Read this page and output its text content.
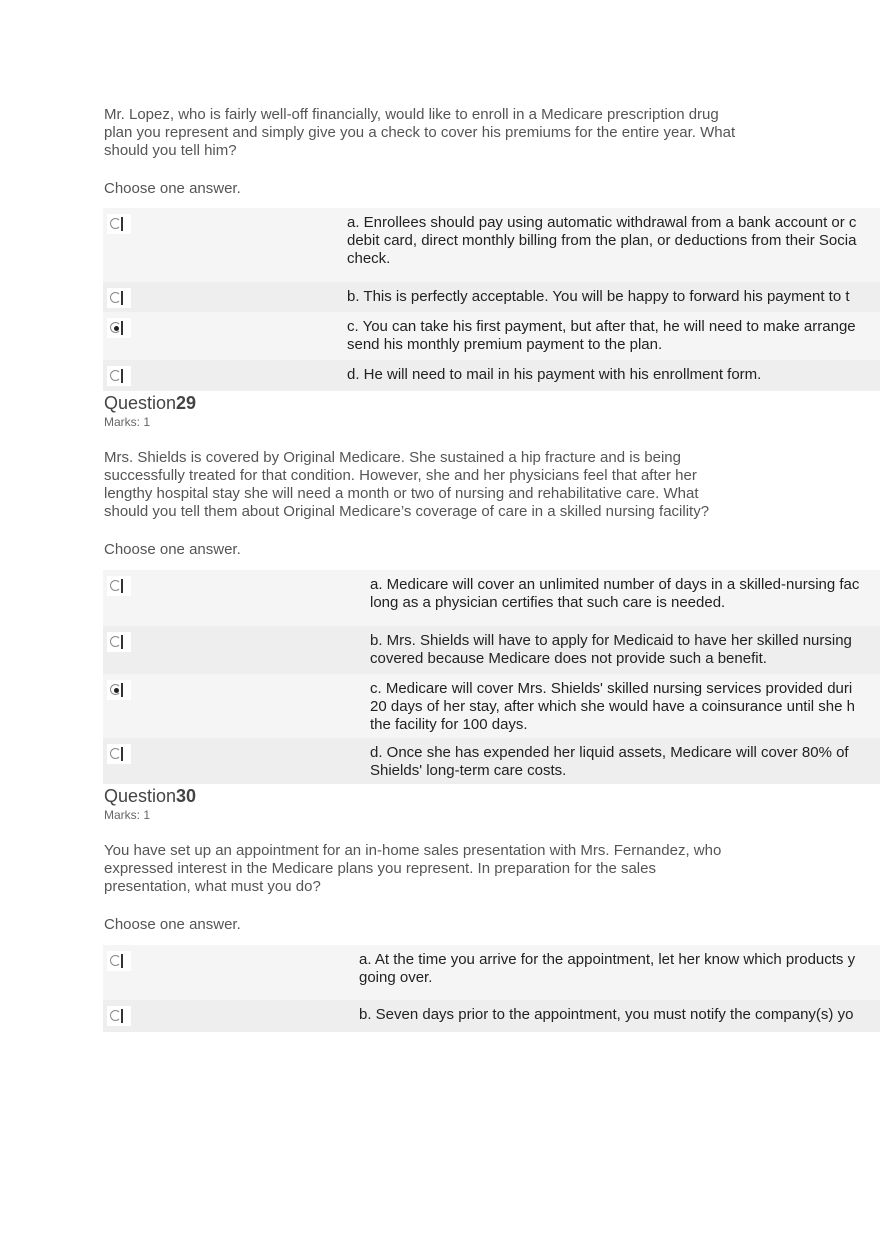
Mr. Lopez, who is fairly well-off financially, would like to enroll in a Medicare prescription drug
plan you represent and simply give you a check to cover his premiums for the entire year. What
should you tell him?
Choose one answer.
a. Enrollees should pay using automatic withdrawal from a bank account or c
debit card, direct monthly billing from the plan, or deductions from their Socia
check.
b. This is perfectly acceptable. You will be happy to forward his payment to t
c. You can take his first payment, but after that, he will need to make arrange
send his monthly premium payment to the plan.
d. He will need to mail in his payment with his enrollment form.
Question29
Marks: 1
Mrs. Shields is covered by Original Medicare. She sustained a hip fracture and is being
successfully treated for that condition. However, she and her physicians feel that after her
lengthy hospital stay she will need a month or two of nursing and rehabilitative care. What
should you tell them about Original Medicare’s coverage of care in a skilled nursing facility?
Choose one answer.
a. Medicare will cover an unlimited number of days in a skilled-nursing fac
long as a physician certifies that such care is needed.
b. Mrs. Shields will have to apply for Medicaid to have her skilled nursing
covered because Medicare does not provide such a benefit.
c. Medicare will cover Mrs. Shields' skilled nursing services provided duri
20 days of her stay, after which she would have a coinsurance until she h
the facility for 100 days.
d. Once she has expended her liquid assets, Medicare will cover 80% of
Shields' long-term care costs.
Question30
Marks: 1
You have set up an appointment for an in-home sales presentation with Mrs. Fernandez, who
expressed interest in the Medicare plans you represent. In preparation for the sales
presentation, what must you do?
Choose one answer.
a. At the time you arrive for the appointment, let her know which products y
going over.
b. Seven days prior to the appointment, you must notify the company(s) yo
